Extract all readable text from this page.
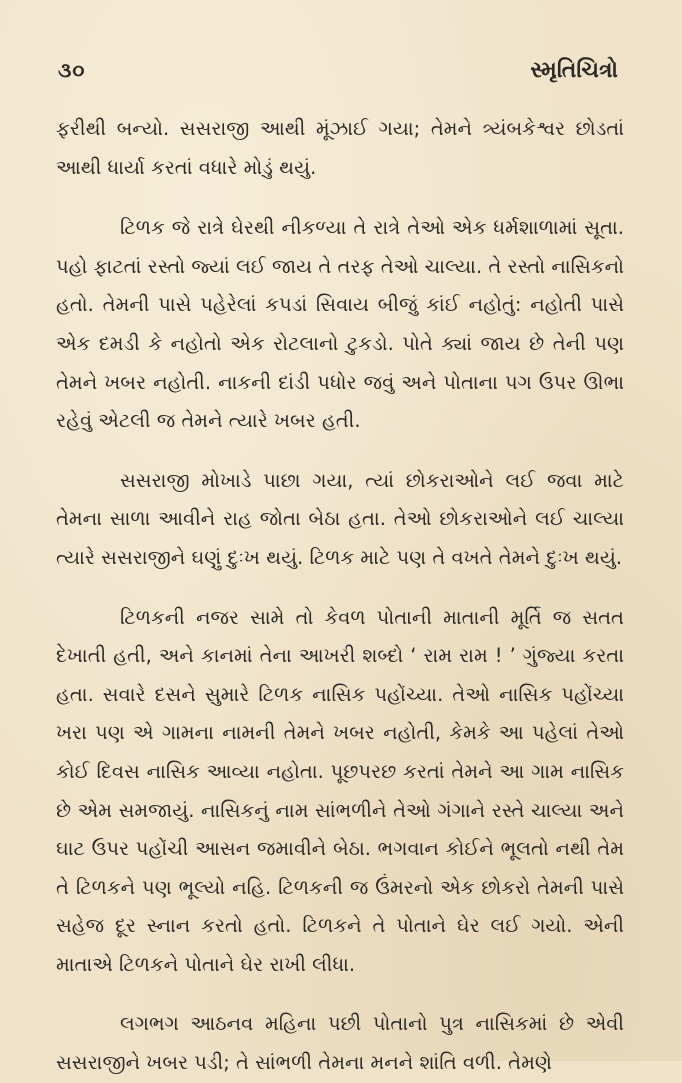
૩૦	સ્મૃતિચિત્રો

ફરીથી બન્યો. સસરાજી આથી મૂંઝાઈ ગયા; તેમને ત્ર્યંબકેશ્વર છોડતાં આથી ધાર્યા કરતાં વધારે મોડું થયું.

ટિળક જે રાત્રે ઘેરથી નીકળ્યા તે રાત્રે તેઓ એક ધર્મશાળામાં સૂતા. પહો ફાટતાં રસ્તો જ્યાં લઈ જાય તે તરફ તેઓ ચાલ્યા. તે રસ્તો નાસિકનો હતો. તેમની પાસે પહેરેલાં કપડાં સિવાય બીજું કાંઈ નહોતું: નહોતી પાસે એક દમડી કે નહોતો એક રોટલાનો ટુકડો. પોતે ક્યાં જાય છે તેની પણ તેમને ખબર નહોતી. નાકની દાંડી પધોર જવું અને પોતાના પગ ઉપર ઊભા રહેવું એટલી જ તેમને ત્યારે ખબર હતી.

સસરાજી મોખાડે પાછા ગયા, ત્યાં છોકરાઓને લઈ જવા માટે તેમના સાળા આવીને રાહ જોતા બેઠા હતા. તેઓ છોકરાઓને લઈ ચાલ્યા ત્યારે સસરાજીને ઘણું દુઃખ થયું. ટિળક માટે પણ તે વખતે તેમને દુઃખ થયું.

ટિળકની નજર સામે તો કેવળ પોતાની માતાની મૂર્તિ જ સતત દેખાતી હતી, અને કાનમાં તેના આખરી શબ્દો ‘ રામ રામ ! ’ ગુંજ્યા કરતા હતા. સવારે દસને સુમારે ટિળક નાસિક પહોંચ્યા. તેઓ નાસિક પહોંચ્યા ખરા પણ એ ગામના નામની તેમને ખબર નહોતી, કેમકે આ પહેલાં તેઓ કોઈ દિવસ નાસિક આવ્યા નહોતા. પૂછપરછ કરતાં તેમને આ ગામ નાસિક છે એમ સમજાયું. નાસિકનું નામ સાંભળીને તેઓ ગંગાને રસ્તે ચાલ્યા અને ઘાટ ઉપર પહોંચી આસન જમાવીને બેઠા. ભગવાન કોઈને ભૂલતો નથી તેમ તે ટિળકને પણ ભૂલ્યો નહિ. ટિળકની જ ઉંમરનો એક છોકરો તેમની પાસે સહેજ દૂર સ્નાન કરતો હતો. ટિળકને તે પોતાને ઘેર લઈ ગયો. એની માતાએ ટિળકને પોતાને ઘેર રાખી લીધા.

લગભગ આઠનવ મહિના પછી પોતાનો પુત્ર નાસિકમાં છે એવી સસરાજીને ખબર પડી; તે સાંભળી તેમના મનને શાંતિ વળી. તેમણે
